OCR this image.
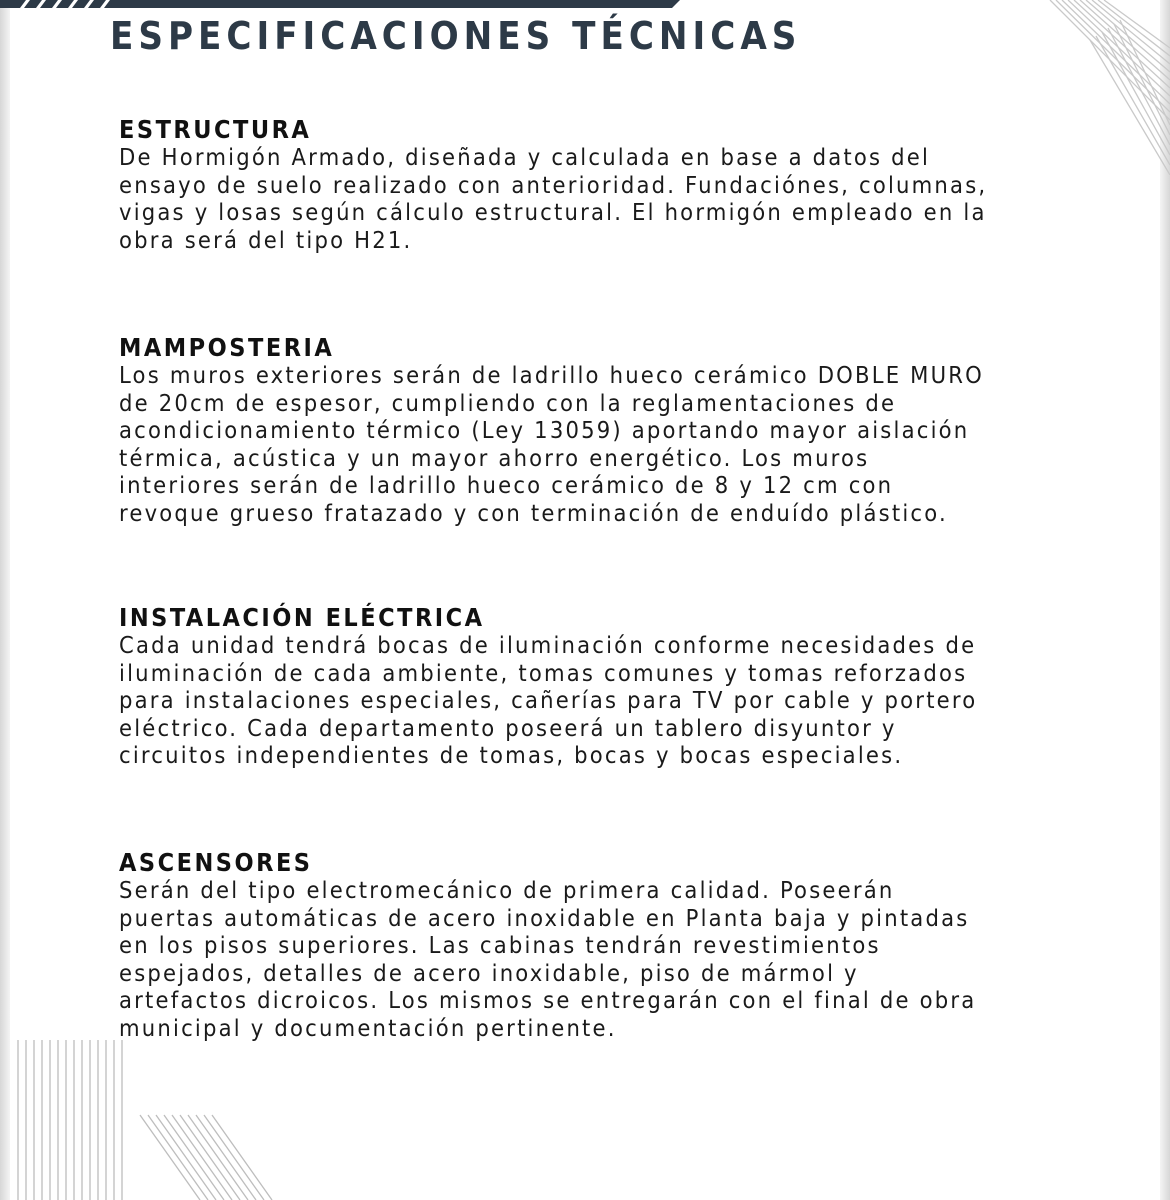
ESPECIFICACIONES TÉCNICAS
ESTRUCTURA

De Hormigón Armado, diseñada y calculada en base a datos del
ensayo de suelo realizado con anterioridad. Fundaciónes, columnas,
vigas y losas según cálculo estructural. El hormigón empleado en la
obra será del tipo H21.

MAMPOSTERIA

Los muros exteriores serán de ladrillo hueco cerámico DOBLE MURO
de 20cm de espesor, cumpliendo con la reglamentaciones de
acondicionamiento térmico (Ley 13059) aportando mayor aislación
térmica, acústica y un mayor ahorro energético. Los muros
interiores serán de ladrillo hueco cerámico de 8 y 12 cm con
revoque grueso fratazado y con terminación de enduído plástico.

INSTALACIÓN ELÉCTRICA

Cada unidad tendrá bocas de iluminación conforme necesidades de
iluminación de cada ambiente, tomas comunes y tomas reforzados
para instalaciones especiales, cañerías para TV por cable y portero
eléctrico. Cada departamento poseerá un tablero disyuntor y
circuitos independientes de tomas, bocas y bocas especiales.

ASCENSORES

Serán del tipo electromecánico de primera calidad. Poseerán
puertas automáticas de acero inoxidable en Planta baja y pintadas
en los pisos superiores. Las cabinas tendrán revestimientos
espejados, detalles de acero inoxidable, piso de mármol y
artefactos dicroicos. Los mismos se entregarán con el final de obra
municipal y documentación pertinente.
